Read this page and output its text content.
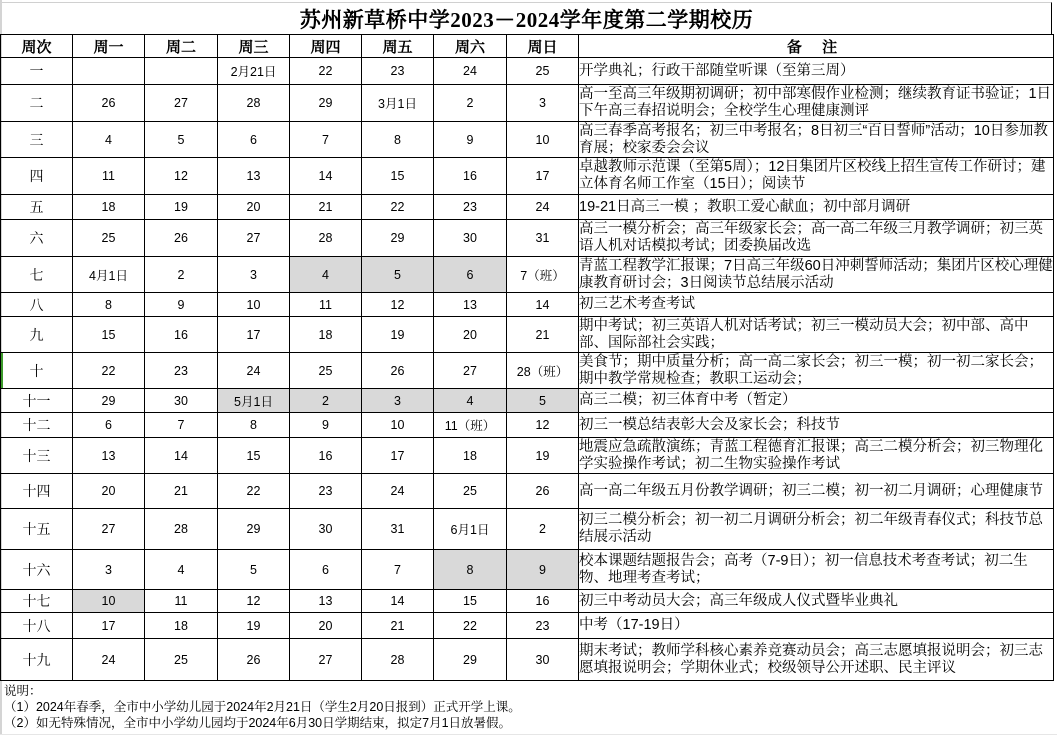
苏州新草桥中学2023－2024学年度第二学期校历
周次	周一	周二	周三	周四	周五	周六	周日	备 注
一			2月21日	22	23	24	25	开学典礼；行政干部随堂听课（至第三周）
二	26	27	28	29	3月1日	2	3	高一至高三年级期初调研；初中部寒假作业检测；继续教育证书验证；1日下午高三春招说明会；全校学生心理健康测评
三	4	5	6	7	8	9	10	高三春季高考报名；初三中考报名；8日初三“百日誓师”活动；10日参加教育展；校家委会会议
四	11	12	13	14	15	16	17	卓越教师示范课（至第5周）；12日集团片区校线上招生宣传工作研讨；建立体育名师工作室（15日）；阅读节
五	18	19	20	21	22	23	24	19-21日高三一模 ；教职工爱心献血；初中部月调研
六	25	26	27	28	29	30	31	高三一模分析会；高三年级家长会；高一高二年级三月教学调研；初三英语人机对话模拟考试；团委换届改选
七	4月1日	2	3	4	5	6	7（班）	青蓝工程教学汇报课；7日高三年级60日冲刺誓师活动；集团片区校心理健康教育研讨会；3日阅读节总结展示活动
八	8	9	10	11	12	13	14	初三艺术考查考试
九	15	16	17	18	19	20	21	期中考试；初三英语人机对话考试；初三一模动员大会；初中部、高中部、国际部社会实践；
十	22	23	24	25	26	27	28（班）	美食节；期中质量分析；高一高二家长会；初三一模；初一初二家长会；期中教学常规检查；教职工运动会；
十一	29	30	5月1日	2	3	4	5	高三二模；初三体育中考（暂定）
十二	6	7	8	9	10	11（班）	12	初三一模总结表彰大会及家长会；科技节
十三	13	14	15	16	17	18	19	地震应急疏散演练；青蓝工程德育汇报课；高三二模分析会；初三物理化学实验操作考试；初二生物实验操作考试
十四	20	21	22	23	24	25	26	高一高二年级五月份教学调研；初三二模；初一初二月调研；心理健康节
十五	27	28	29	30	31	6月1日	2	初三二模分析会；初一初二月调研分析会；初二年级青春仪式；科技节总结展示活动
十六	3	4	5	6	7	8	9	校本课题结题报告会；高考（7-9日）；初一信息技术考查考试；初二生物、地理考查考试；
十七	10	11	12	13	14	15	16	初三中考动员大会；高三年级成人仪式暨毕业典礼
十八	17	18	19	20	21	22	23	中考（17-19日）
十九	24	25	26	27	28	29	30	期末考试；教师学科核心素养竞赛动员会；高三志愿填报说明会；初三志愿填报说明会；学期休业式；校级领导公开述职、民主评议
说明：
（1）2024年春季，全市中小学幼儿园于2024年2月21日（学生2月20日报到）正式开学上课。
（2）如无特殊情况，全市中小学幼儿园均于2024年6月30日学期结束，拟定7月1日放暑假。
